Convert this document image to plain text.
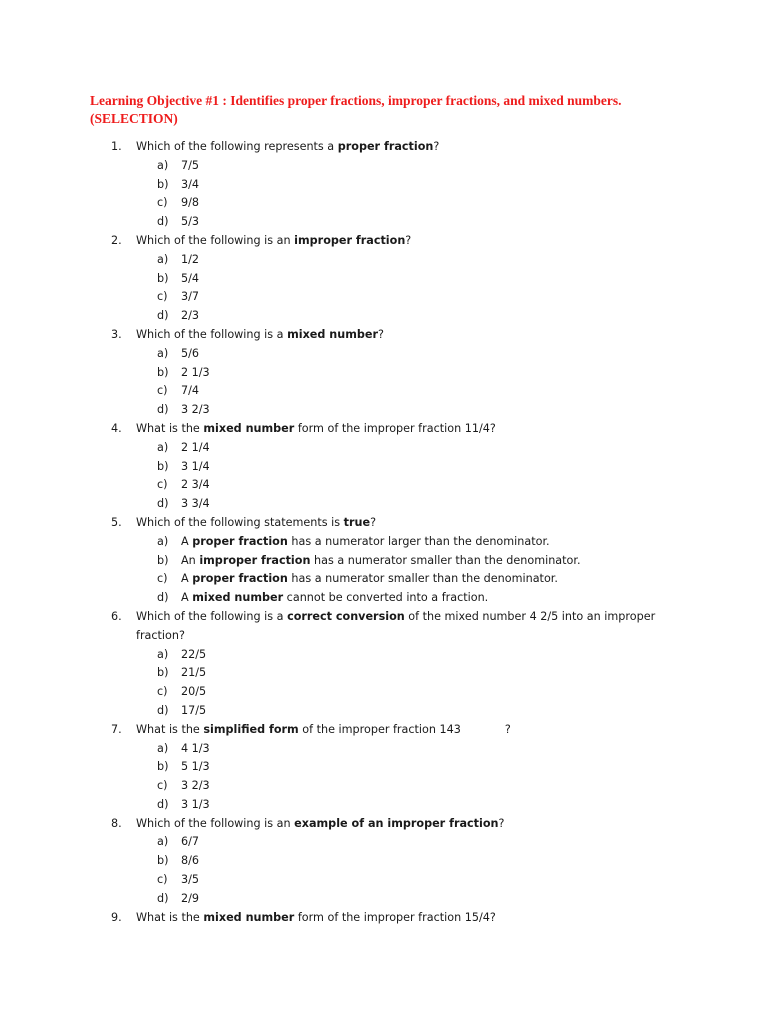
Learning Objective #1 : Identifies proper fractions, improper fractions, and mixed numbers.
(SELECTION)
1. Which of the following represents a proper fraction?
a) 7/5
b) 3/4
c) 9/8
d) 5/3
2. Which of the following is an improper fraction?
a) 1/2
b) 5/4
c) 3/7
d) 2/3
3. Which of the following is a mixed number?
a) 5/6
b) 2 1/3
c) 7/4
d) 3 2/3
4. What is the mixed number form of the improper fraction 11/4?
a) 2 1/4
b) 3 1/4
c) 2 3/4
d) 3 3/4
5. Which of the following statements is true?
a) A proper fraction has a numerator larger than the denominator.
b) An improper fraction has a numerator smaller than the denominator.
c) A proper fraction has a numerator smaller than the denominator.
d) A mixed number cannot be converted into a fraction.
6. Which of the following is a correct conversion of the mixed number 4 2/5 into an improper
fraction?
a) 22/5
b) 21/5
c) 20/5
d) 17/5
7. What is the simplified form of the improper fraction 143	?
a) 4 1/3
b) 5 1/3
c) 3 2/3
d) 3 1/3
8. Which of the following is an example of an improper fraction?
a) 6/7
b) 8/6
c) 3/5
d) 2/9
9. What is the mixed number form of the improper fraction 15/4?
